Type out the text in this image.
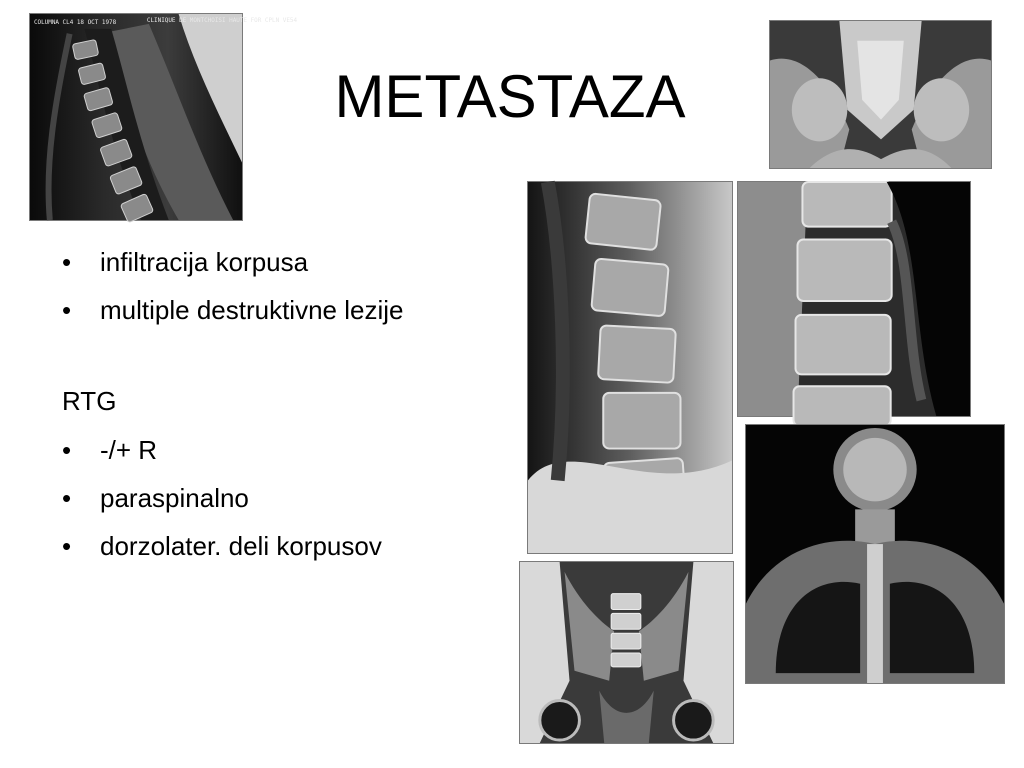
METASTAZA
• infiltracija korpusa
• multiple destruktivne lezije
RTG
• -/+ R
• paraspinalno
• dorzolater. deli korpusov
COLUMNA CL4 18 OCT 1978	CLINIQUE DE MONTCHOISI HAUTE FOR CPLN VE54
